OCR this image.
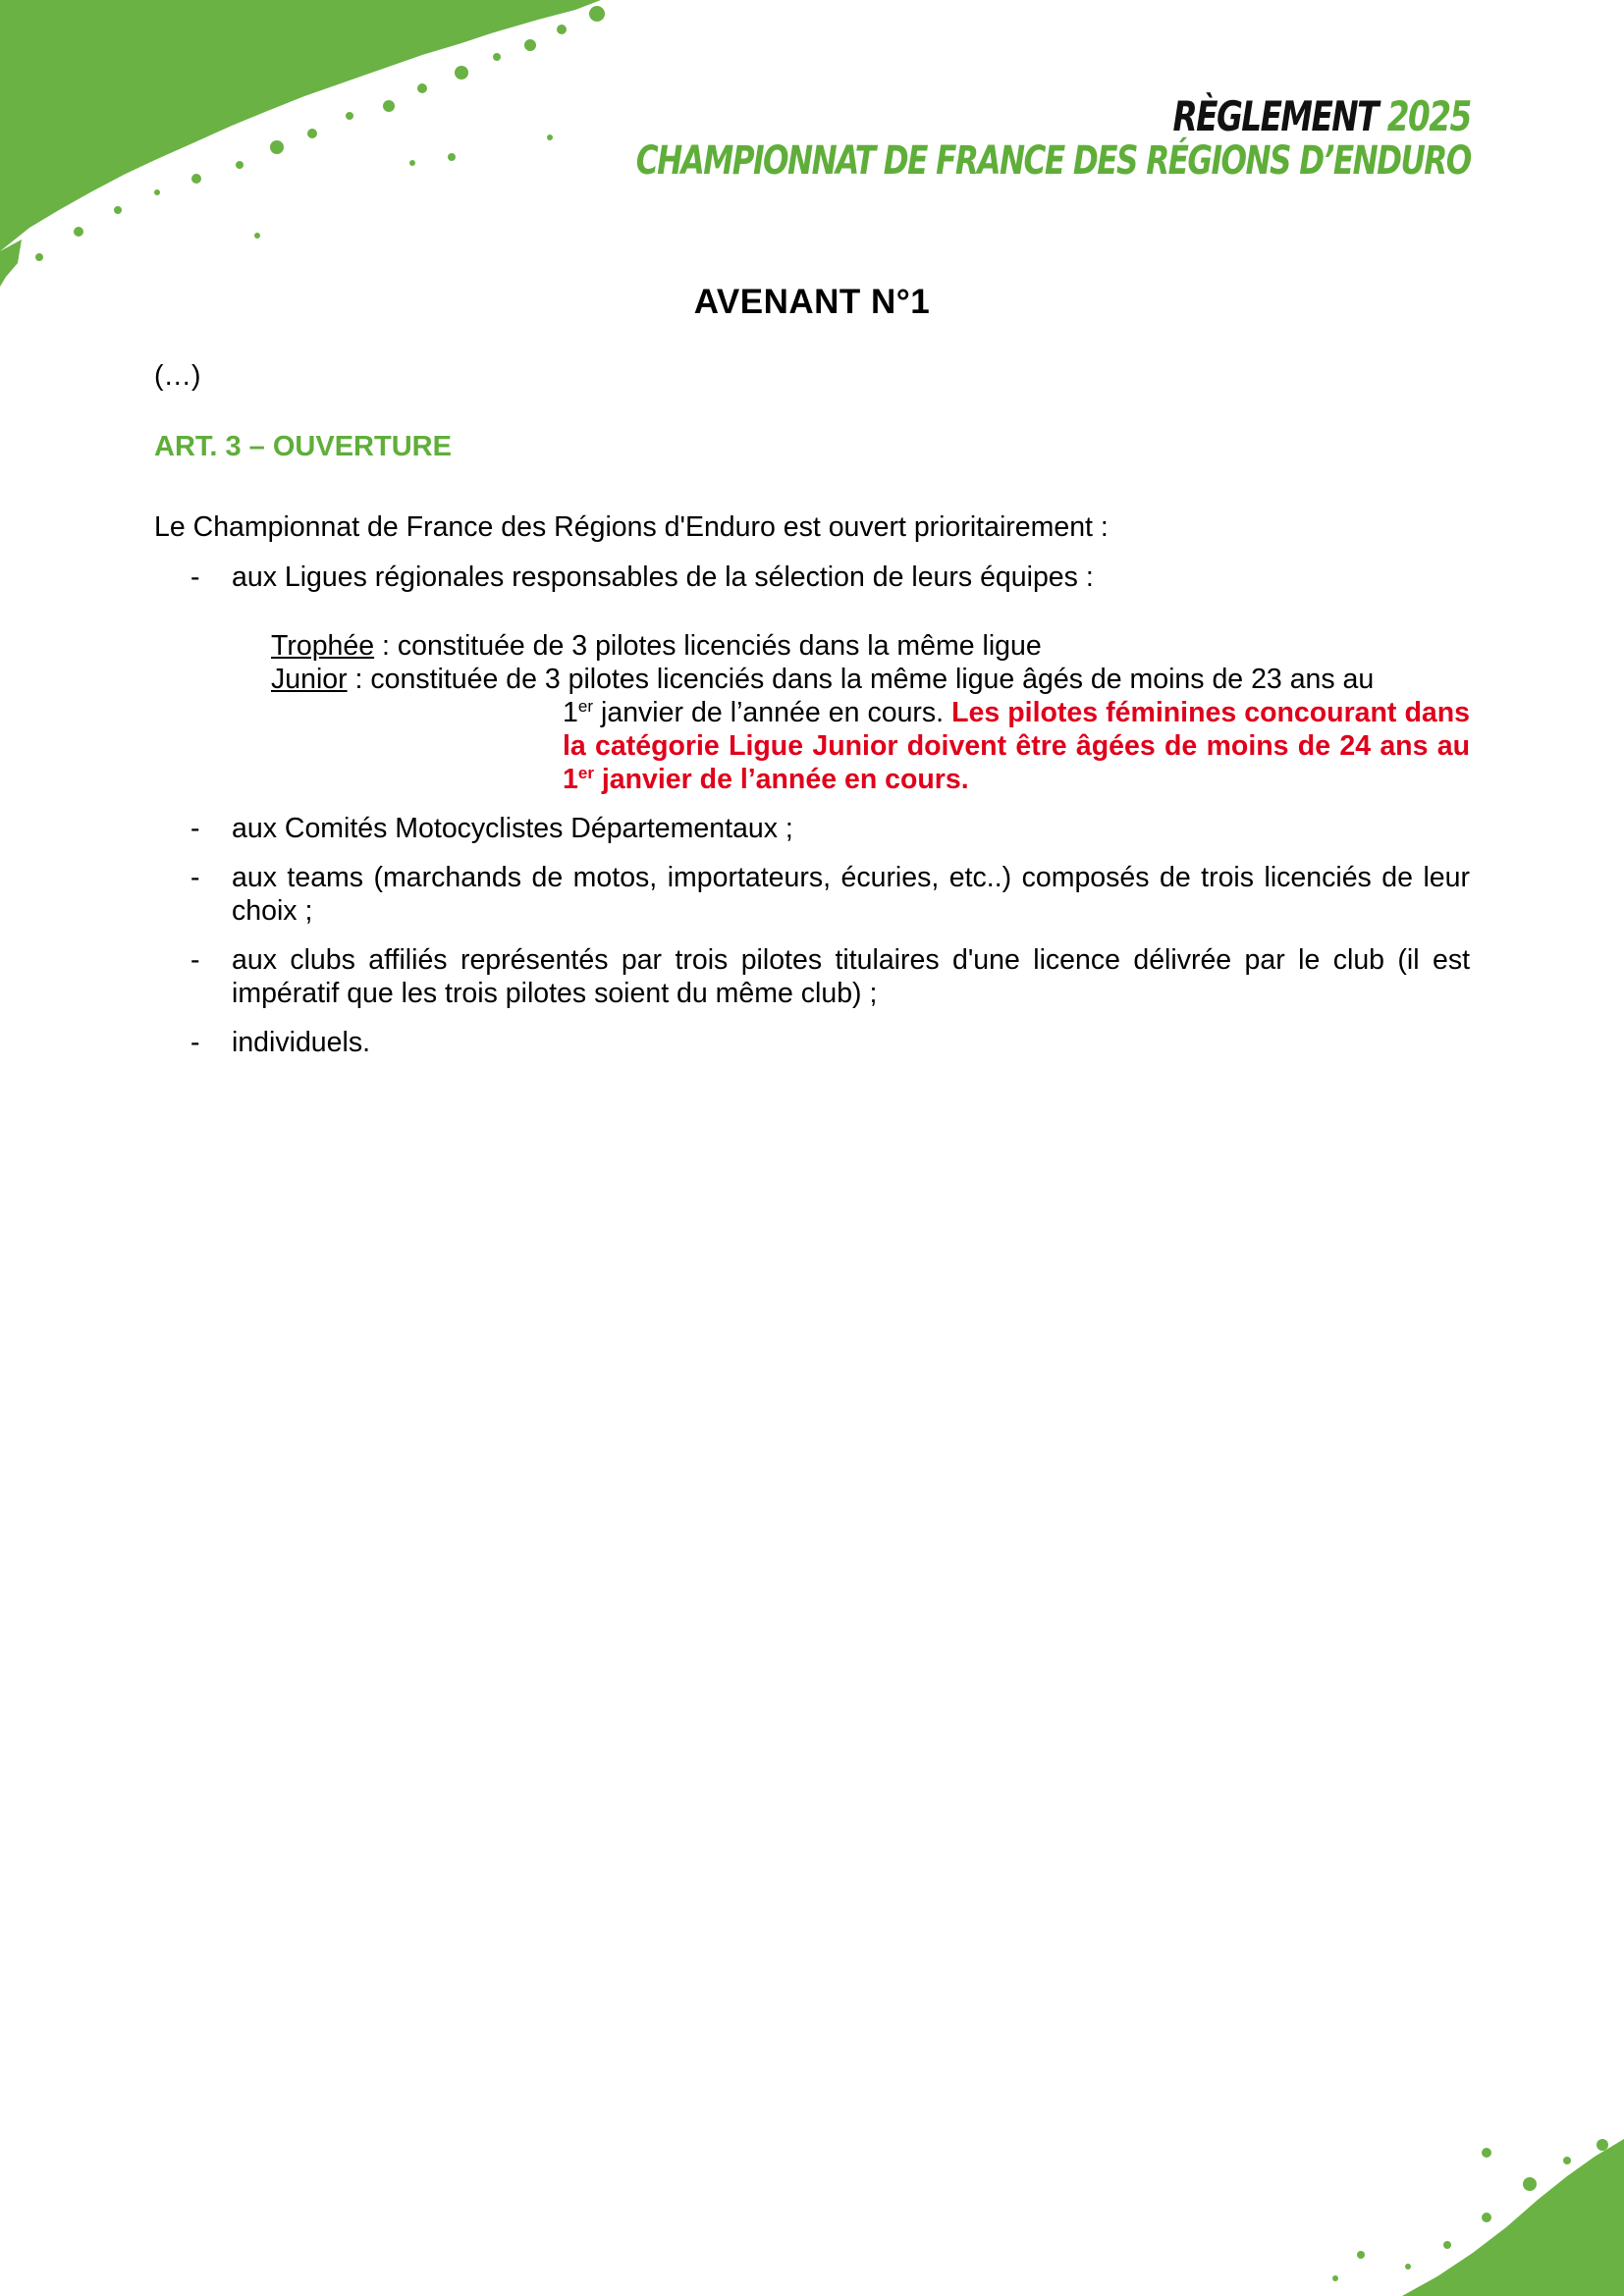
RÈGLEMENT 2025
CHAMPIONNAT DE FRANCE DES RÉGIONS D’ENDURO
AVENANT N°1

(…)

ART. 3 – OUVERTURE

Le Championnat de France des Régions d'Enduro est ouvert prioritairement :

- aux Ligues régionales responsables de la sélection de leurs équipes :

Trophée : constituée de 3 pilotes licenciés dans la même ligue

Junior : constituée de 3 pilotes licenciés dans la même ligue âgés de moins de 23 ans au

1er janvier de l’année en cours. Les pilotes féminines concourant dans la catégorie Ligue Junior doivent être âgées de moins de 24 ans au 1er janvier de l’année en cours.

- aux Comités Motocyclistes Départementaux ;

- aux teams (marchands de motos, importateurs, écuries, etc..) composés de trois licenciés de leur choix ;

- aux clubs affiliés représentés par trois pilotes titulaires d'une licence délivrée par le club (il est impératif que les trois pilotes soient du même club) ;

- individuels.
